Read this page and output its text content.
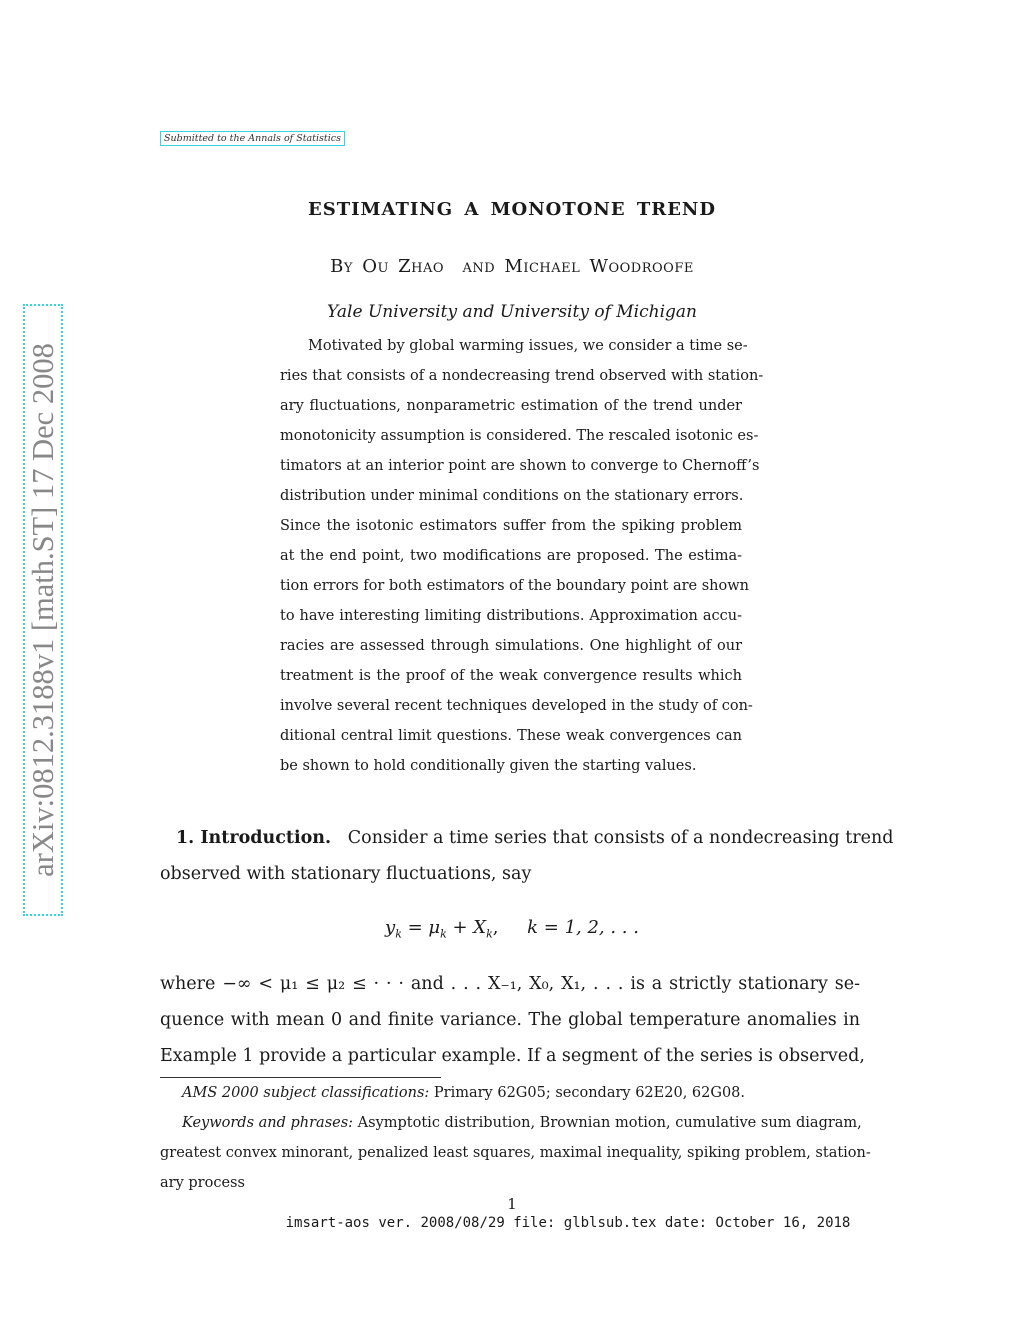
Submitted to the Annals of Statistics
arXiv:0812.3188v1 [math.ST] 17 Dec 2008
ESTIMATING A MONOTONE TREND
By Ou Zhao and Michael Woodroofe
Yale University and University of Michigan
Motivated by global warming issues, we consider a time se-
ries that consists of a nondecreasing trend observed with station-
ary fluctuations, nonparametric estimation of the trend under
monotonicity assumption is considered. The rescaled isotonic es-
timators at an interior point are shown to converge to Chernoff’s
distribution under minimal conditions on the stationary errors.
Since the isotonic estimators suffer from the spiking problem
at the end point, two modifications are proposed. The estima-
tion errors for both estimators of the boundary point are shown
to have interesting limiting distributions. Approximation accu-
racies are assessed through simulations. One highlight of our
treatment is the proof of the weak convergence results which
involve several recent techniques developed in the study of con-
ditional central limit questions. These weak convergences can
be shown to hold conditionally given the starting values.
1. Introduction. Consider a time series that consists of a nondecreasing trend
observed with stationary fluctuations, say
$y_k = \mu_k + X_k$, k = 1, 2, . . .
where −∞ < μ₁ ≤ μ₂ ≤ · · · and . . . X₋₁, X₀, X₁, . . . is a strictly stationary se-
quence with mean 0 and finite variance. The global temperature anomalies in
Example 1 provide a particular example. If a segment of the series is observed,
AMS 2000 subject classifications: Primary 62G05; secondary 62E20, 62G08.
Keywords and phrases: Asymptotic distribution, Brownian motion, cumulative sum diagram,
greatest convex minorant, penalized least squares, maximal inequality, spiking problem, station-
ary process
1
imsart-aos ver. 2008/08/29 file: glblsub.tex date: October 16, 2018
